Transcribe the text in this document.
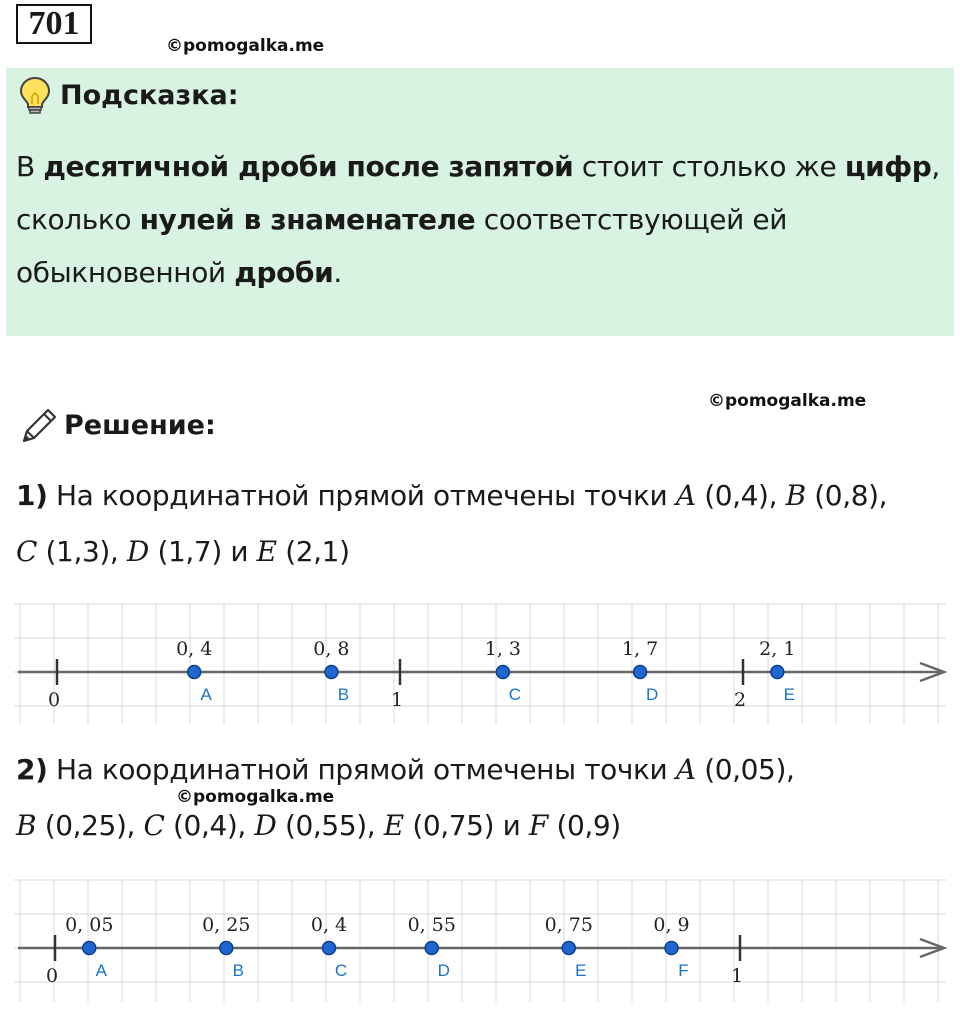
701
©pomogalka.me
Подсказка:
В десятичной дроби после запятой стоит столько же цифр,
сколько нулей в знаменателе соответствующей ей
обыкновенной дроби.
©pomogalka.me
Решение:
1) На координатной прямой отмечены точки A (0,4), B (0,8),
C (1,3), D (1,7) и E (2,1)
0	1	2
0, 4
A
0, 8
B
1, 3
C
1, 7
D
2, 1
E
2) На координатной прямой отмечены точки A (0,05),
B (0,25), C (0,4), D (0,55), E (0,75) и F (0,9)
©pomogalka.me
0	1
0, 05
A
0, 25
B
0, 4
C
0, 55
D
0, 75
E
0, 9
F
